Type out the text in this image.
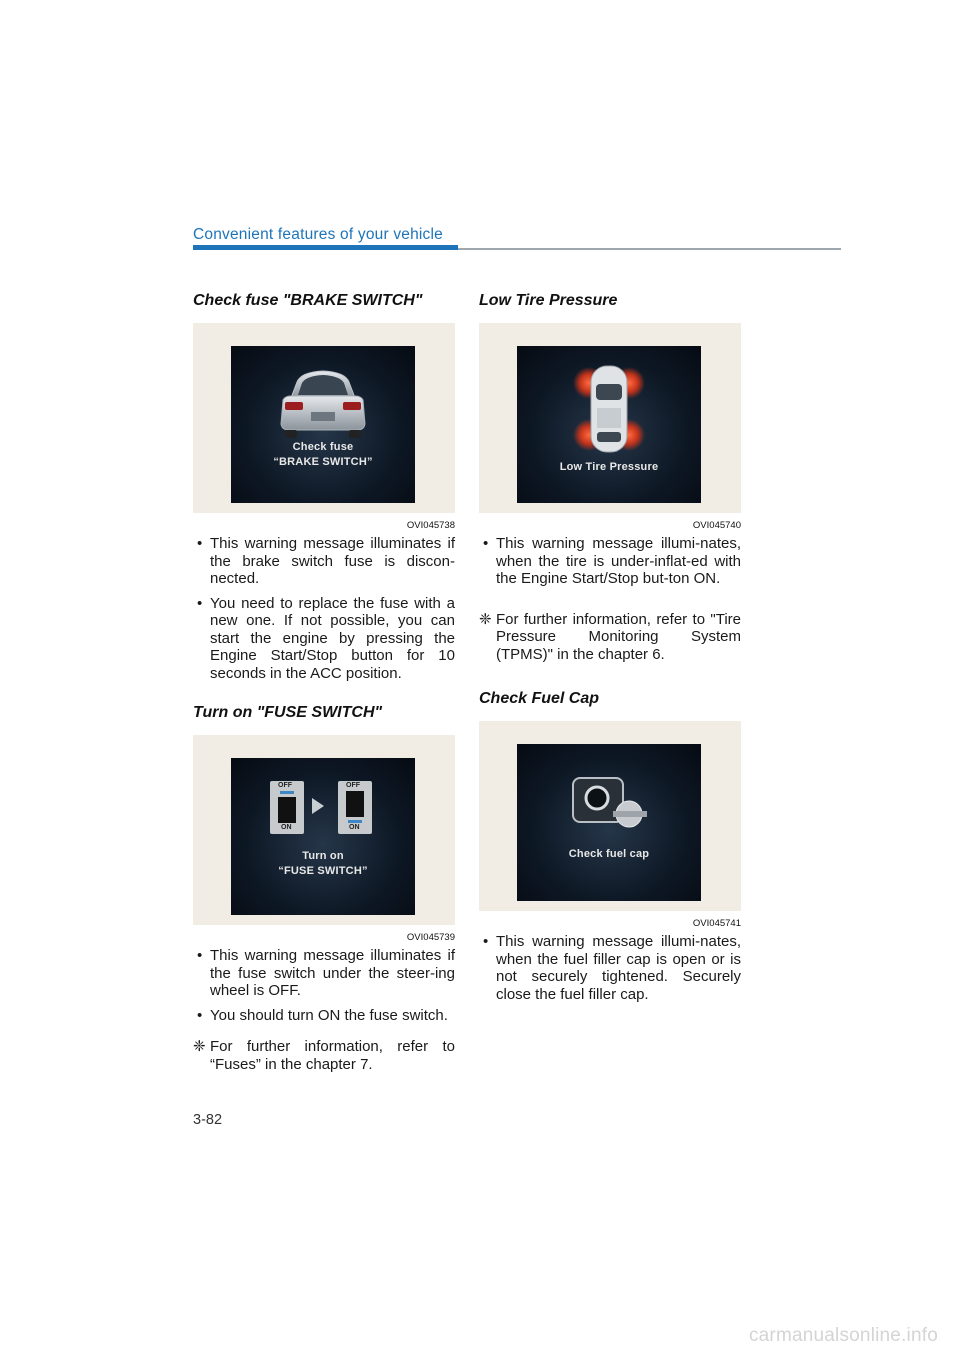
Convenient features of your vehicle
Check fuse "BRAKE SWITCH"
Check fuse
“BRAKE SWITCH”
OVI045738
• This warning message illuminates if the brake switch fuse is discon-nected.
• You need to replace the fuse with a new one. If not possible, you can start the engine by pressing the Engine Start/Stop button for 10 seconds in the ACC position.
Turn on "FUSE SWITCH"
OFF
ON
OFF
ON
Turn on
“FUSE SWITCH”
OVI045739
• This warning message illuminates if the fuse switch under the steer-ing wheel is OFF.
• You should turn ON the fuse switch.
❈ For further information, refer to “Fuses” in the chapter 7.
Low Tire Pressure
Low Tire Pressure
OVI045740
• This warning message illumi-nates, when the tire is under-inflat-ed with the Engine Start/Stop but-ton ON.
❈ For further information, refer to "Tire Pressure Monitoring System (TPMS)" in the chapter 6.
Check Fuel Cap
Check fuel cap
OVI045741
• This warning message illumi-nates, when the fuel filler cap is open or is not securely tightened. Securely close the fuel filler cap.
3-82
carmanualsonline.info
